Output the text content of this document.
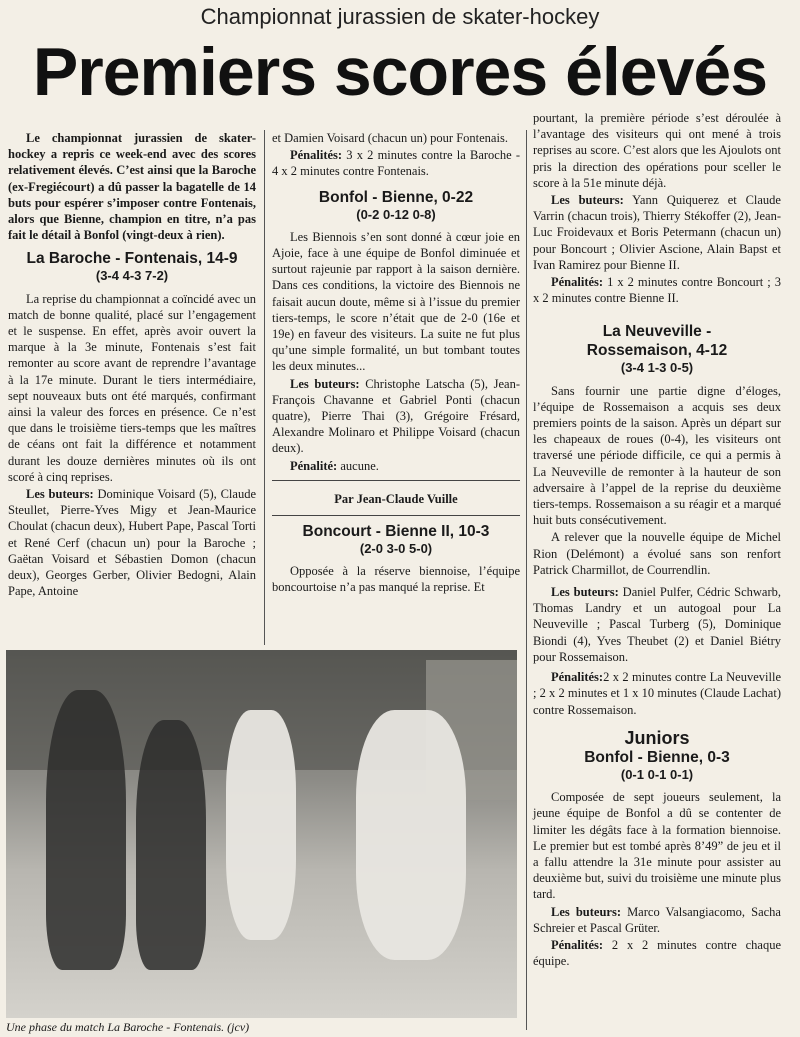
Championnat jurassien de skater-hockey
Premiers scores élevés

Le championnat jurassien de skater-hockey a repris ce week-end avec des scores relativement élevés. C’est ainsi que la Baroche (ex-Fregiécourt) a dû passer la bagatelle de 14 buts pour espérer s’imposer contre Fontenais, alors que Bienne, champion en titre, n’a pas fait le détail à Bonfol (vingt-deux à rien).

La Baroche - Fontenais, 14-9
(3-4 4-3 7-2)

La reprise du championnat a coïncidé avec un match de bonne qualité, placé sur l’engagement et le suspense. En effet, après avoir ouvert la marque à la 3e minute, Fontenais s’est fait remonter au score avant de reprendre l’avantage à la 17e minute. Durant le tiers intermédiaire, sept nouveaux buts ont été marqués, confirmant ainsi la valeur des forces en présence. Ce n’est que dans le troisième tiers-temps que les maîtres de céans ont fait la différence et notamment durant les douze dernières minutes où ils ont scoré à cinq reprises.

Les buteurs: Dominique Voisard (5), Claude Steullet, Pierre-Yves Migy et Jean-Maurice Choulat (chacun deux), Hubert Pape, Pascal Torti et René Cerf (chacun un) pour la Baroche ; Gaëtan Voisard et Sébastien Domon (chacun deux), Georges Gerber, Olivier Bedogni, Alain Pape, Antoine

et Damien Voisard (chacun un) pour Fontenais.

Pénalités: 3 x 2 minutes contre la Baroche - 4 x 2 minutes contre Fontenais.

Bonfol - Bienne, 0-22
(0-2 0-12 0-8)

Les Biennois s’en sont donné à cœur joie en Ajoie, face à une équipe de Bonfol diminuée et surtout rajeunie par rapport à la saison dernière. Dans ces conditions, la victoire des Biennois ne faisait aucun doute, même si à l’issue du premier tiers-temps, le score n’était que de 2-0 (16e et 19e) en faveur des visiteurs. La suite ne fut plus qu’une simple formalité, un but tombant toutes les deux minutes...

Les buteurs: Christophe Latscha (5), Jean-François Chavanne et Gabriel Ponti (chacun quatre), Pierre Thai (3), Grégoire Frésard, Alexandre Molinaro et Philippe Voisard (chacun deux).

Pénalité: aucune.

Par Jean-Claude Vuille
Boncourt - Bienne II, 10-3
(2-0 3-0 5-0)

Opposée à la réserve biennoise, l’équipe boncourtoise n’a pas manqué la reprise. Et

pourtant, la première période s’est déroulée à l’avantage des visiteurs qui ont mené à trois reprises au score. C’est alors que les Ajoulots ont pris la direction des opérations pour sceller le score à la 51e minute déjà.

Les buteurs: Yann Quiquerez et Claude Varrin (chacun trois), Thierry Stékoffer (2), Jean-Luc Froidevaux et Boris Petermann (chacun un) pour Boncourt ; Olivier Ascione, Alain Bapst et Ivan Ramirez pour Bienne II.

Pénalités: 1 x 2 minutes contre Boncourt ; 3 x 2 minutes contre Bienne II.

La Neuveville -
Rossemaison, 4-12
(3-4 1-3 0-5)

Sans fournir une partie digne d’éloges, l’équipe de Rossemaison a acquis ses deux premiers points de la saison. Après un départ sur les chapeaux de roues (0-4), les visiteurs ont traversé une période difficile, ce qui a permis à La Neuveville de remonter à la hauteur de son adversaire à l’appel de la reprise du deuxième tiers-temps. Rossemaison a su réagir et a marqué huit buts consécutivement.

A relever que la nouvelle équipe de Michel Rion (Delémont) a évolué sans son renfort Patrick Charmillot, de Courrendlin.

Les buteurs: Daniel Pulfer, Cédric Schwarb, Thomas Landry et un autogoal pour La Neuveville ; Pascal Turberg (5), Dominique Biondi (4), Yves Theubet (2) et Daniel Biétry pour Rossemaison.

Pénalités:2 x 2 minutes contre La Neuveville ; 2 x 2 minutes et 1 x 10 minutes (Claude Lachat) contre Rossemaison.

Juniors
Bonfol - Bienne, 0-3
(0-1 0-1 0-1)

Composée de sept joueurs seulement, la jeune équipe de Bonfol a dû se contenter de limiter les dégâts face à la formation biennoise. Le premier but est tombé après 8’49” de jeu et il a fallu attendre la 31e minute pour assister au deuxième but, suivi du troisième une minute plus tard.

Les buteurs: Marco Valsangiacomo, Sacha Schreier et Pascal Grüter.

Pénalités: 2 x 2 minutes contre chaque équipe.

Une phase du match La Baroche - Fontenais. (jcv)
